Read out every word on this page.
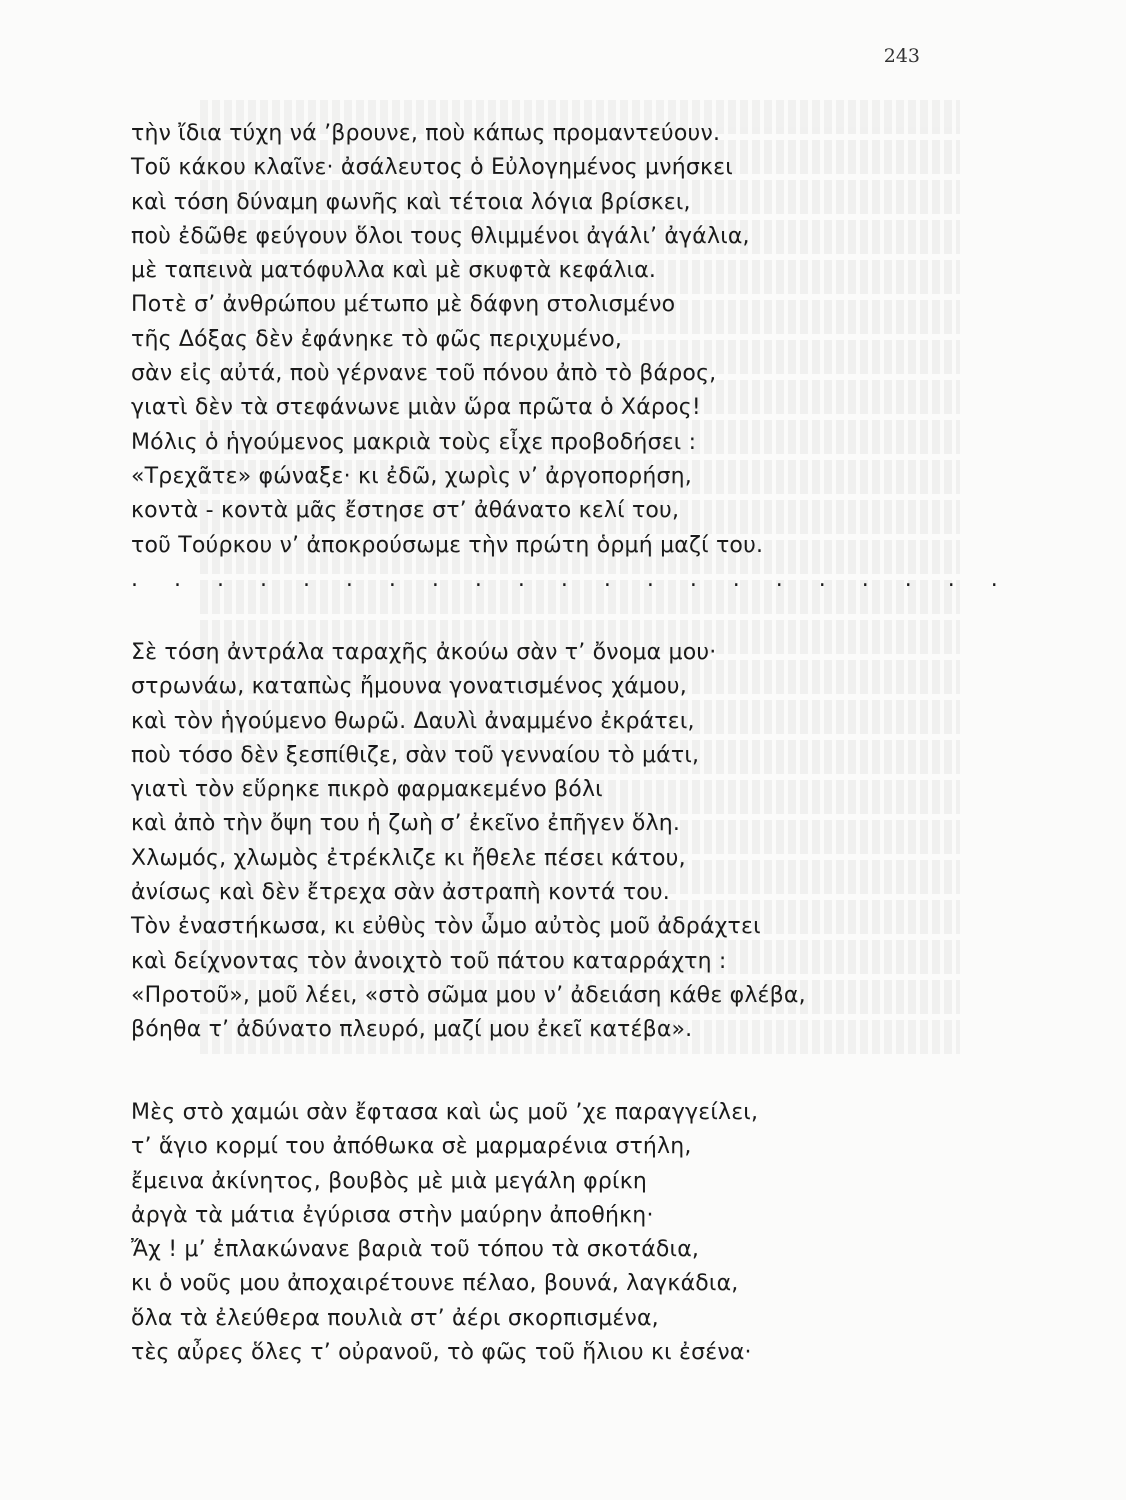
243
τὴν ἴδια τύχη νά ’βρουνε, ποὺ κάπως προμαντεύουν.
Τοῦ κάκου κλαῖνε· ἀσάλευτος ὁ Εὐλογημένος μνήσκει
καὶ τόση δύναμη φωνῆς καὶ τέτοια λόγια βρίσκει,
ποὺ ἐδῶθε φεύγουν ὅλοι τους θλιμμένοι ἀγάλι’ ἀγάλια,
μὲ ταπεινὰ ματόφυλλα καὶ μὲ σκυφτὰ κεφάλια.
Ποτὲ σ’ ἀνθρώπου μέτωπο μὲ δάφνη στολισμένο
τῆς Δόξας δὲν ἐφάνηκε τὸ φῶς περιχυμένο,
σὰν εἰς αὐτά, ποὺ γέρνανε τοῦ πόνου ἀπὸ τὸ βάρος,
γιατὶ δὲν τὰ στεφάνωνε μιὰν ὥρα πρῶτα ὁ Χάρος!
Μόλις ὁ ἡγούμενος μακριὰ τοὺς εἶχε προβοδήσει :
«Τρεχᾶτε» φώναξε· κι ἐδῶ, χωρὶς ν’ ἀργοπορήση,
κοντὰ - κοντὰ μᾶς ἔστησε στ’ ἀθάνατο κελί του,
τοῦ Τούρκου ν’ ἀποκρούσωμε τὴν πρώτη ὁρμή μαζί του.
. . . . . . . . . . . . . . . . . . . . .
Σὲ τόση ἀντράλα ταραχῆς ἀκούω σὰν τ’ ὄνομα μου·
στρωνάω, καταπὼς ἤμουνα γονατισμένος χάμου,
καὶ τὸν ἡγούμενο θωρῶ. Δαυλὶ ἀναμμένο ἐκράτει,
ποὺ τόσο δὲν ξεσπίθιζε, σὰν τοῦ γενναίου τὸ μάτι,
γιατὶ τὸν εὕρηκε πικρὸ φαρμακεμένο βόλι
καὶ ἀπὸ τὴν ὄψη του ἡ ζωὴ σ’ ἐκεῖνο ἐπῆγεν ὅλη.
Χλωμός, χλωμὸς ἐτρέκλιζε κι ἤθελε πέσει κάτου,
ἀνίσως καὶ δὲν ἔτρεχα σὰν ἀστραπὴ κοντά του.
Τὸν ἐναστήκωσα, κι εὐθὺς τὸν ὦμο αὐτὸς μοῦ ἀδράχτει
καὶ δείχνοντας τὸν ἀνοιχτὸ τοῦ πάτου καταρράχτη :
«Προτοῦ», μοῦ λέει, «στὸ σῶμα μου ν’ ἀδειάση κάθε φλέβα,
βόηθα τ’ ἀδύνατο πλευρό, μαζί μου ἐκεῖ κατέβα».
Μὲς στὸ χαμώι σὰν ἔφτασα καὶ ὡς μοῦ ’χε παραγγείλει,
τ’ ἅγιο κορμί του ἀπόθωκα σὲ μαρμαρένια στήλη,
ἔμεινα ἀκίνητος, βουβὸς μὲ μιὰ μεγάλη φρίκη
ἀργὰ τὰ μάτια ἐγύρισα στὴν μαύρην ἀποθήκη·
Ἄχ ! μ’ ἐπλακώνανε βαριὰ τοῦ τόπου τὰ σκοτάδια,
κι ὁ νοῦς μου ἀποχαιρέτουνε πέλαο, βουνά, λαγκάδια,
ὅλα τὰ ἐλεύθερα πουλιὰ στ’ ἀέρι σκορπισμένα,
τὲς αὖρες ὅλες τ’ οὐρανοῦ, τὸ φῶς τοῦ ἥλιου κι ἐσένα·
